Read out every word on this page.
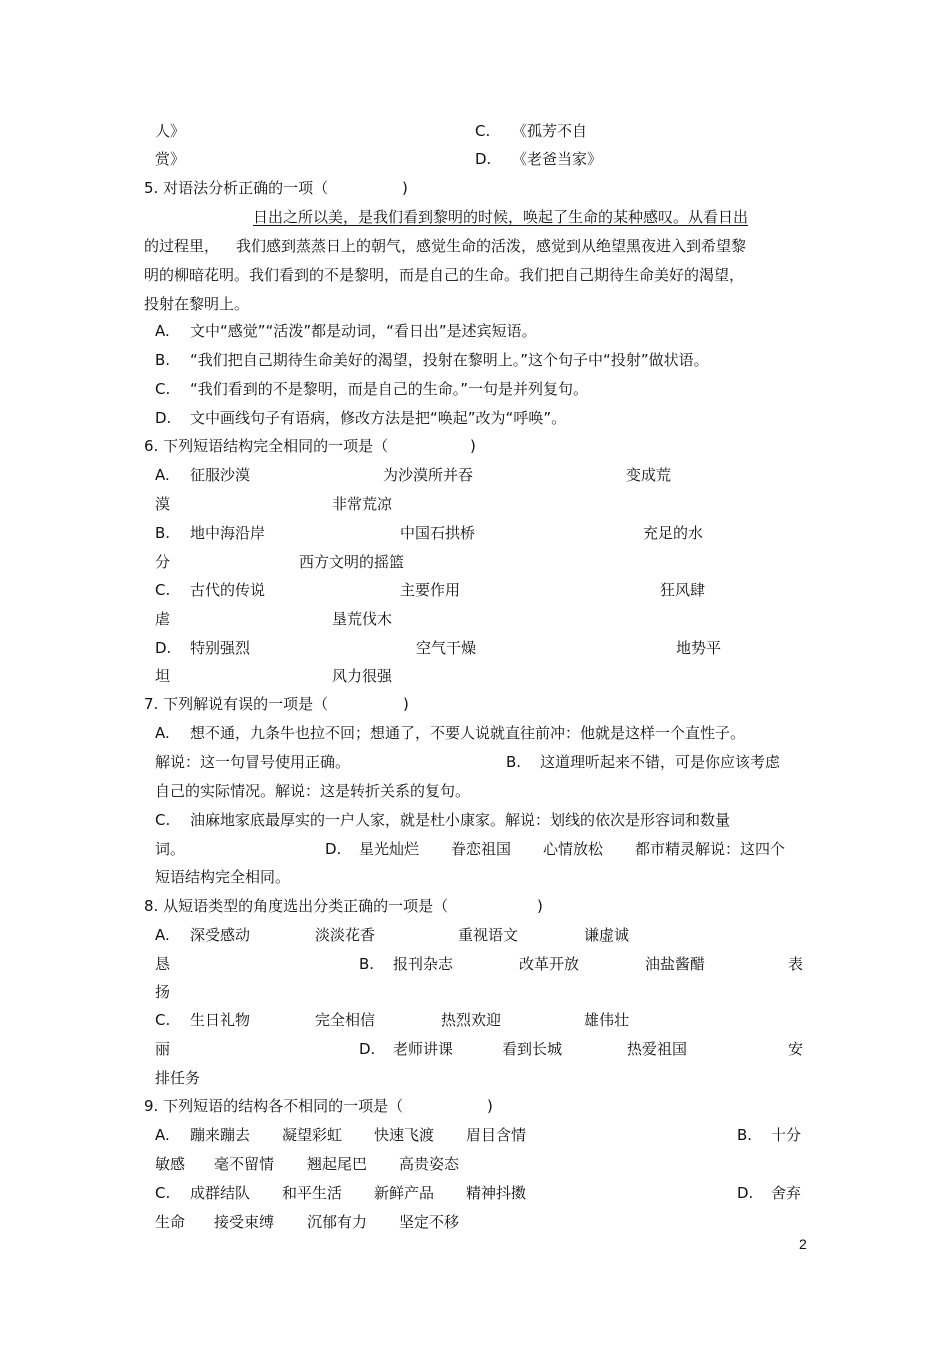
人》	C. 《孤芳不自
赏》	D. 《老爸当家》
5. 对语法分析正确的一项（	)
日出之所以美，是我们看到黎明的时候，唤起了生命的某种感叹。从看日出
的过程里， 我们感到蒸蒸日上的朝气，感觉生命的活泼，感觉到从绝望黑夜进入到希望黎
明的柳暗花明。我们看到的不是黎明，而是自己的生命。我们把自己期待生命美好的渴望，
投射在黎明上。
A. 文中“感觉”“活泼”都是动词，“看日出”是述宾短语。
B. “我们把自己期待生命美好的渴望，投射在黎明上。”这个句子中“投射”做状语。
C. “我们看到的不是黎明，而是自己的生命。”一句是并列复句。
D. 文中画线句子有语病，修改方法是把“唤起”改为“呼唤”。
6. 下列短语结构完全相同的一项是（	)
A. 征服沙漠	为沙漠所并吞	变成荒
漠	非常荒凉
B. 地中海沿岸	中国石拱桥	充足的水
分	西方文明的摇篮
C. 古代的传说	主要作用	狂风肆
虐	垦荒伐木
D. 特别强烈	空气干燥	地势平
坦	风力很强
7. 下列解说有误的一项是（	)
A. 想不通，九条牛也拉不回；想通了，不要人说就直往前冲：他就是这样一个直性子。
解说：这一句冒号使用正确。	B. 这道理听起来不错，可是你应该考虑
自己的实际情况。解说：这是转折关系的复句。
C. 油麻地家底最厚实的一户人家，就是杜小康家。解说：划线的依次是形容词和数量
词。	D. 星光灿烂 眷恋祖国 心情放松 都市精灵解说：这四个
短语结构完全相同。
8. 从短语类型的角度选出分类正确的一项是（	)
A. 深受感动	淡淡花香	重视语文	谦虚诚
恳	B. 报刊杂志	改革开放	油盐酱醋	表
扬
C. 生日礼物	完全相信	热烈欢迎	雄伟壮
丽	D. 老师讲课	看到长城	热爱祖国	安
排任务
9. 下列短语的结构各不相同的一项是（	)
A. 蹦来蹦去 凝望彩虹 快速飞渡 眉目含情	B. 十分
敏感 毫不留情 翘起尾巴 高贵姿态
C. 成群结队 和平生活 新鲜产品 精神抖擞	D. 舍弃
生命 接受束缚 沉郁有力 坚定不移
2
